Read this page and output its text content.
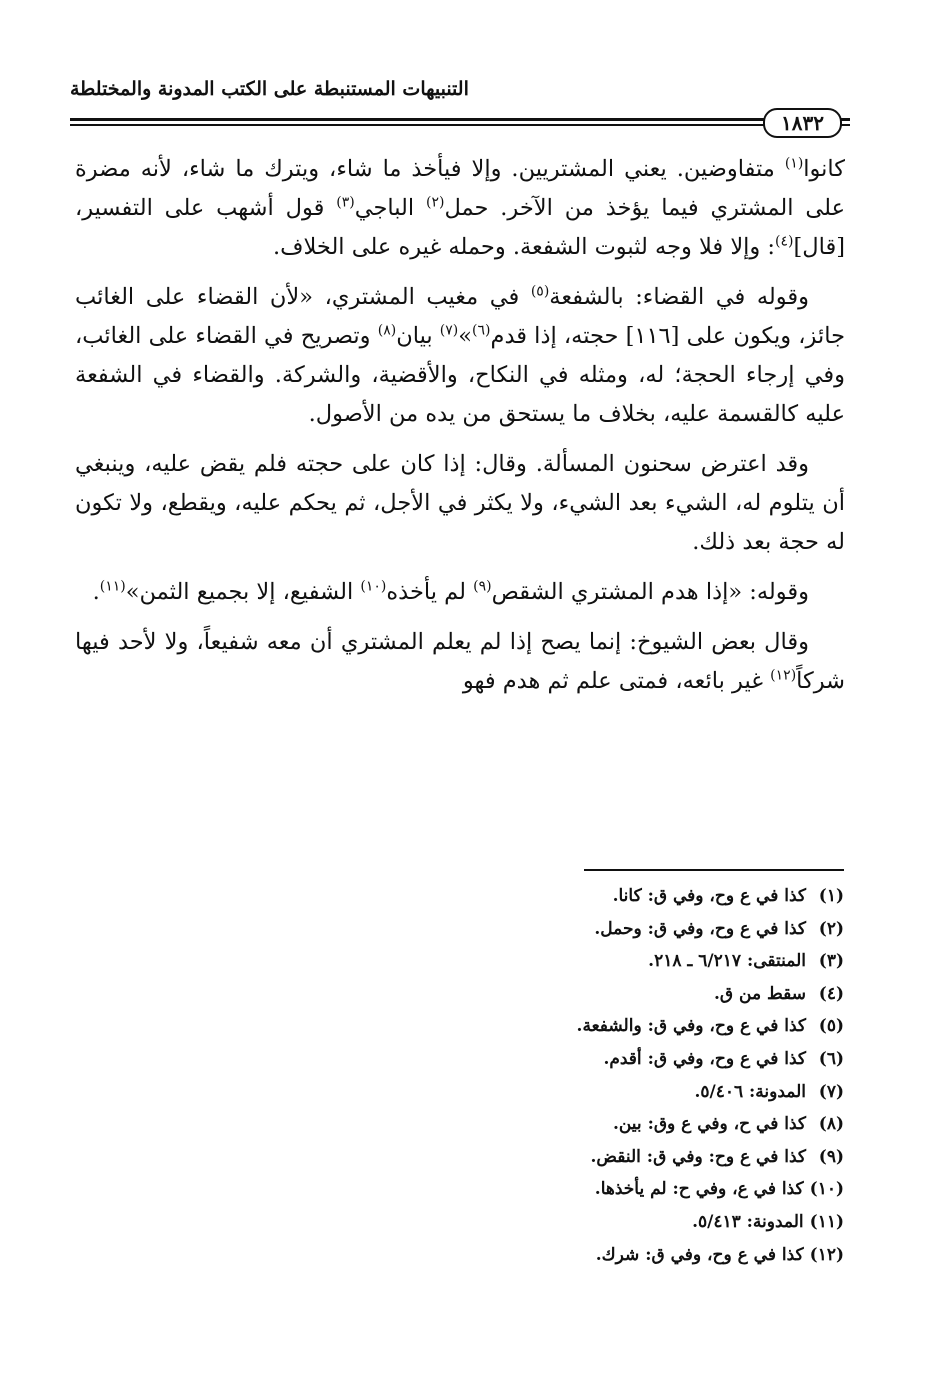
التنبيهات المستنبطة على الكتب المدونة والمختلطة
١٨٣٢

كانوا$^{(١)}$ متفاوضين. يعني المشتريين. وإلا فيأخذ ما شاء، ويترك ما شاء، لأنه مضرة على المشتري فيما يؤخذ من الآخر. حمل$^{(٢)}$ الباجي$^{(٣)}$ قول أشهب على التفسير، [قال]$^{(٤)}$: وإلا فلا وجه لثبوت الشفعة. وحمله غيره على الخلاف.

وقوله في القضاء: بالشفعة$^{(٥)}$ في مغيب المشتري، «لأن القضاء على الغائب جائز، ويكون على [١١٦] حجته، إذا قدم$^{(٦)}$»$^{(٧)}$ بيان$^{(٨)}$ وتصريح في القضاء على الغائب، وفي إرجاء الحجة؛ له، ومثله في النكاح، والأقضية، والشركة. والقضاء في الشفعة عليه كالقسمة عليه، بخلاف ما يستحق من يده من الأصول.

وقد اعترض سحنون المسألة. وقال: إذا كان على حجته فلم يقض عليه، وينبغي أن يتلوم له، الشيء بعد الشيء، ولا يكثر في الأجل، ثم يحكم عليه، ويقطع، ولا تكون له حجة بعد ذلك.

وقوله: «إذا هدم المشتري الشقص$^{(٩)}$ لم يأخذه$^{(١٠)}$ الشفيع، إلا بجميع الثمن»$^{(١١)}$.

وقال بعض الشيوخ: إنما يصح إذا لم يعلم المشتري أن معه شفيعاً، ولا لأحد فيها شركاً$^{(١٢)}$ غير بائعه، فمتى علم ثم هدم فهو

(١)كذا في ع وح، وفي ق: كانا.
(٢)كذا في ع وح، وفي ق: وحمل.
(٣)المنتقى: ٦/٢١٧ ـ ٢١٨.
(٤)سقط من ق.
(٥)كذا في ع وح، وفي ق: والشفعة.
(٦)كذا في ع وح، وفي ق: أقدم.
(٧)المدونة: ٥/٤٠٦.
(٨)كذا في ح، وفي ع وق: بين.
(٩)كذا في ع وح: وفي ق: النقض.
(١٠)كذا في ع، وفي ح: لم يأخذها.
(١١)المدونة: ٥/٤١٣.
(١٢)كذا في ع وح، وفي ق: شرك.
